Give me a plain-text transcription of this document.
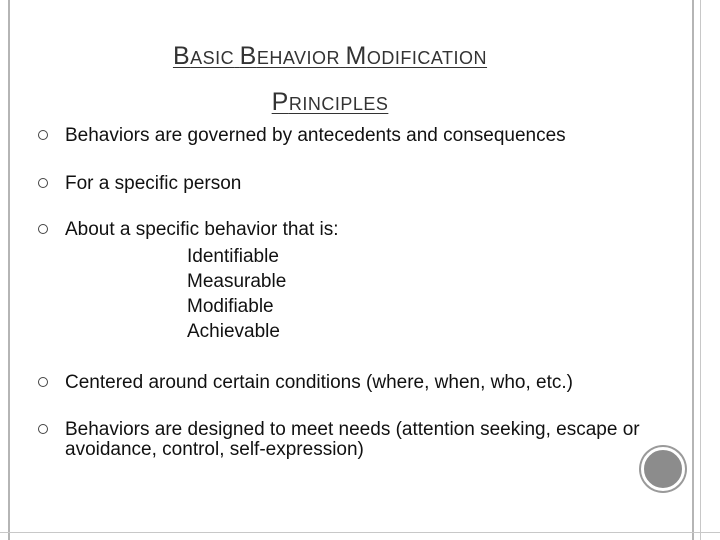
BASIC BEHAVIOR MODIFICATION
PRINCIPLES
Behaviors are governed by antecedents and consequences
For a specific person
About a specific behavior that is:
Identifiable
Measurable
Modifiable
Achievable
Centered around certain conditions (where, when, who, etc.)
Behaviors are designed to meet needs (attention seeking, escape or avoidance, control, self-expression)
